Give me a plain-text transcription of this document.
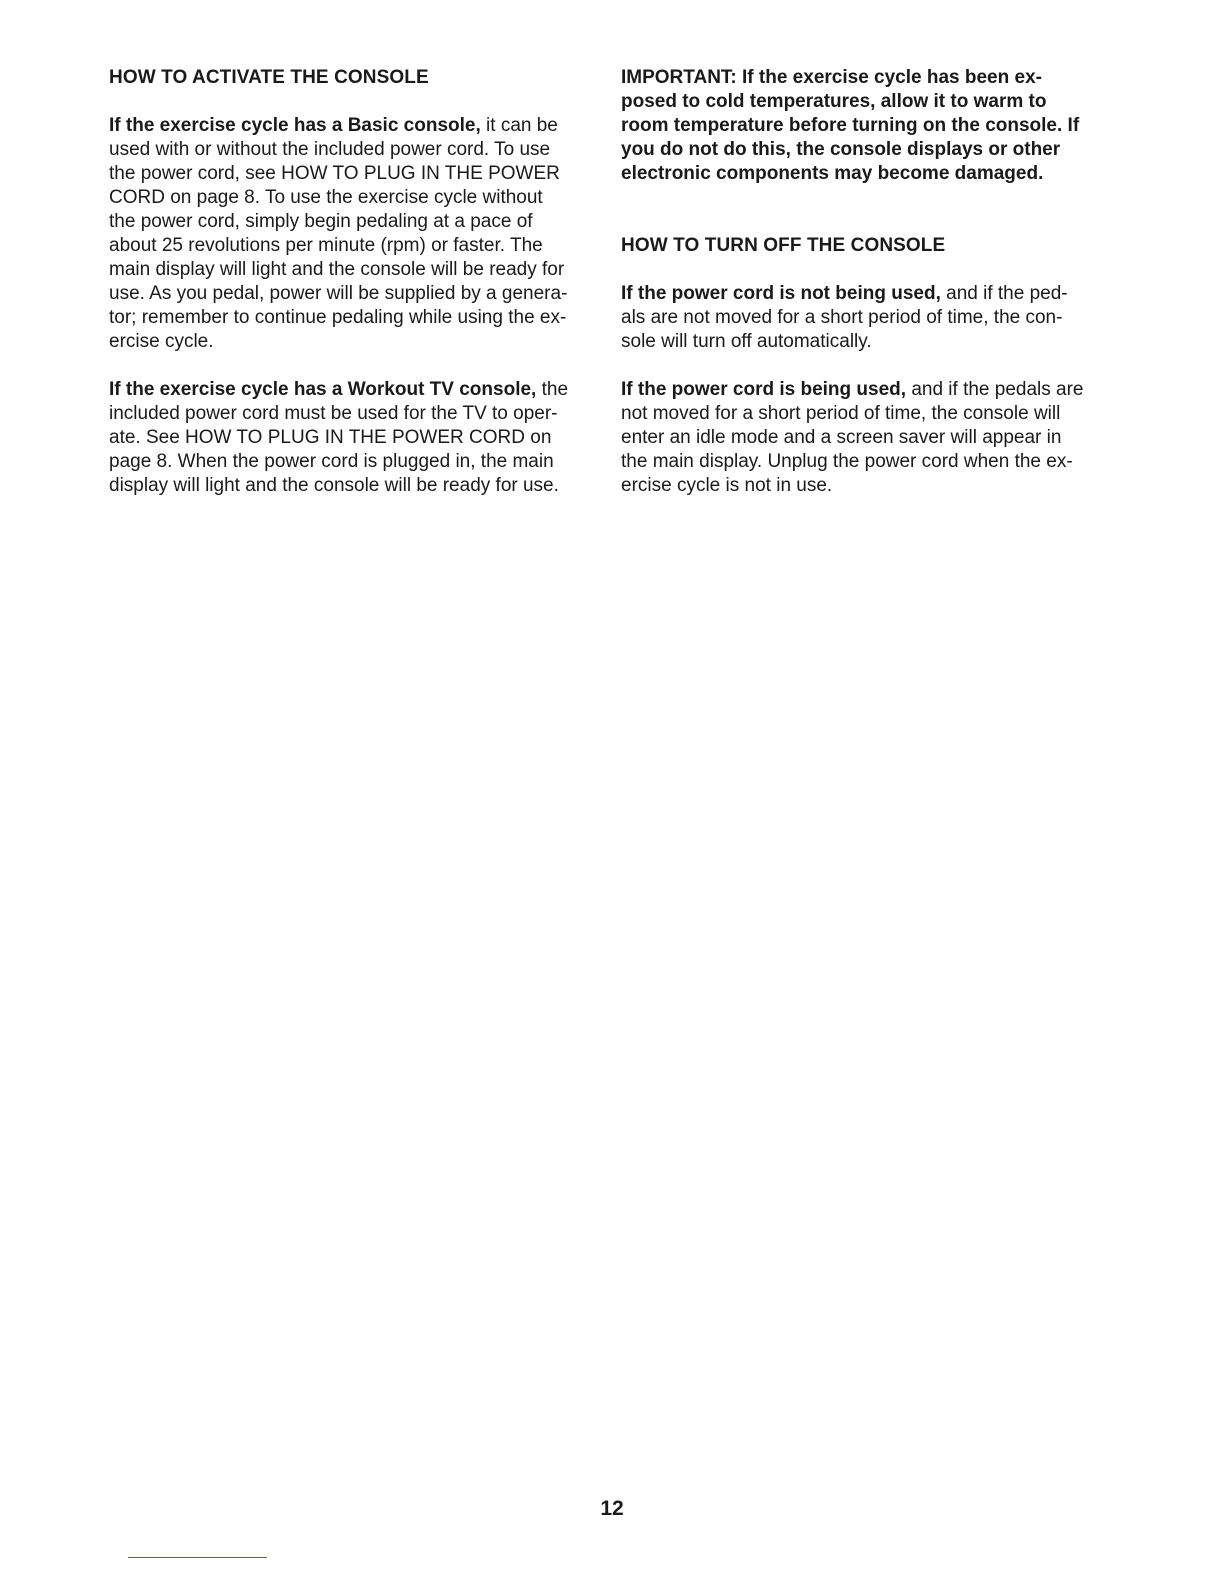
HOW TO ACTIVATE THE CONSOLE

If the exercise cycle has a Basic console, it can be
used with or without the included power cord. To use
the power cord, see HOW TO PLUG IN THE POWER
CORD on page 8. To use the exercise cycle without
the power cord, simply begin pedaling at a pace of
about 25 revolutions per minute (rpm) or faster. The
main display will light and the console will be ready for
use. As you pedal, power will be supplied by a genera-
tor; remember to continue pedaling while using the ex-
ercise cycle.

If the exercise cycle has a Workout TV console, the
included power cord must be used for the TV to oper-
ate. See HOW TO PLUG IN THE POWER CORD on
page 8. When the power cord is plugged in, the main
display will light and the console will be ready for use.

IMPORTANT: If the exercise cycle has been ex-
posed to cold temperatures, allow it to warm to
room temperature before turning on the console. If
you do not do this, the console displays or other
electronic components may become damaged.

HOW TO TURN OFF THE CONSOLE

If the power cord is not being used, and if the ped-
als are not moved for a short period of time, the con-
sole will turn off automatically.

If the power cord is being used, and if the pedals are
not moved for a short period of time, the console will
enter an idle mode and a screen saver will appear in
the main display. Unplug the power cord when the ex-
ercise cycle is not in use.

12
